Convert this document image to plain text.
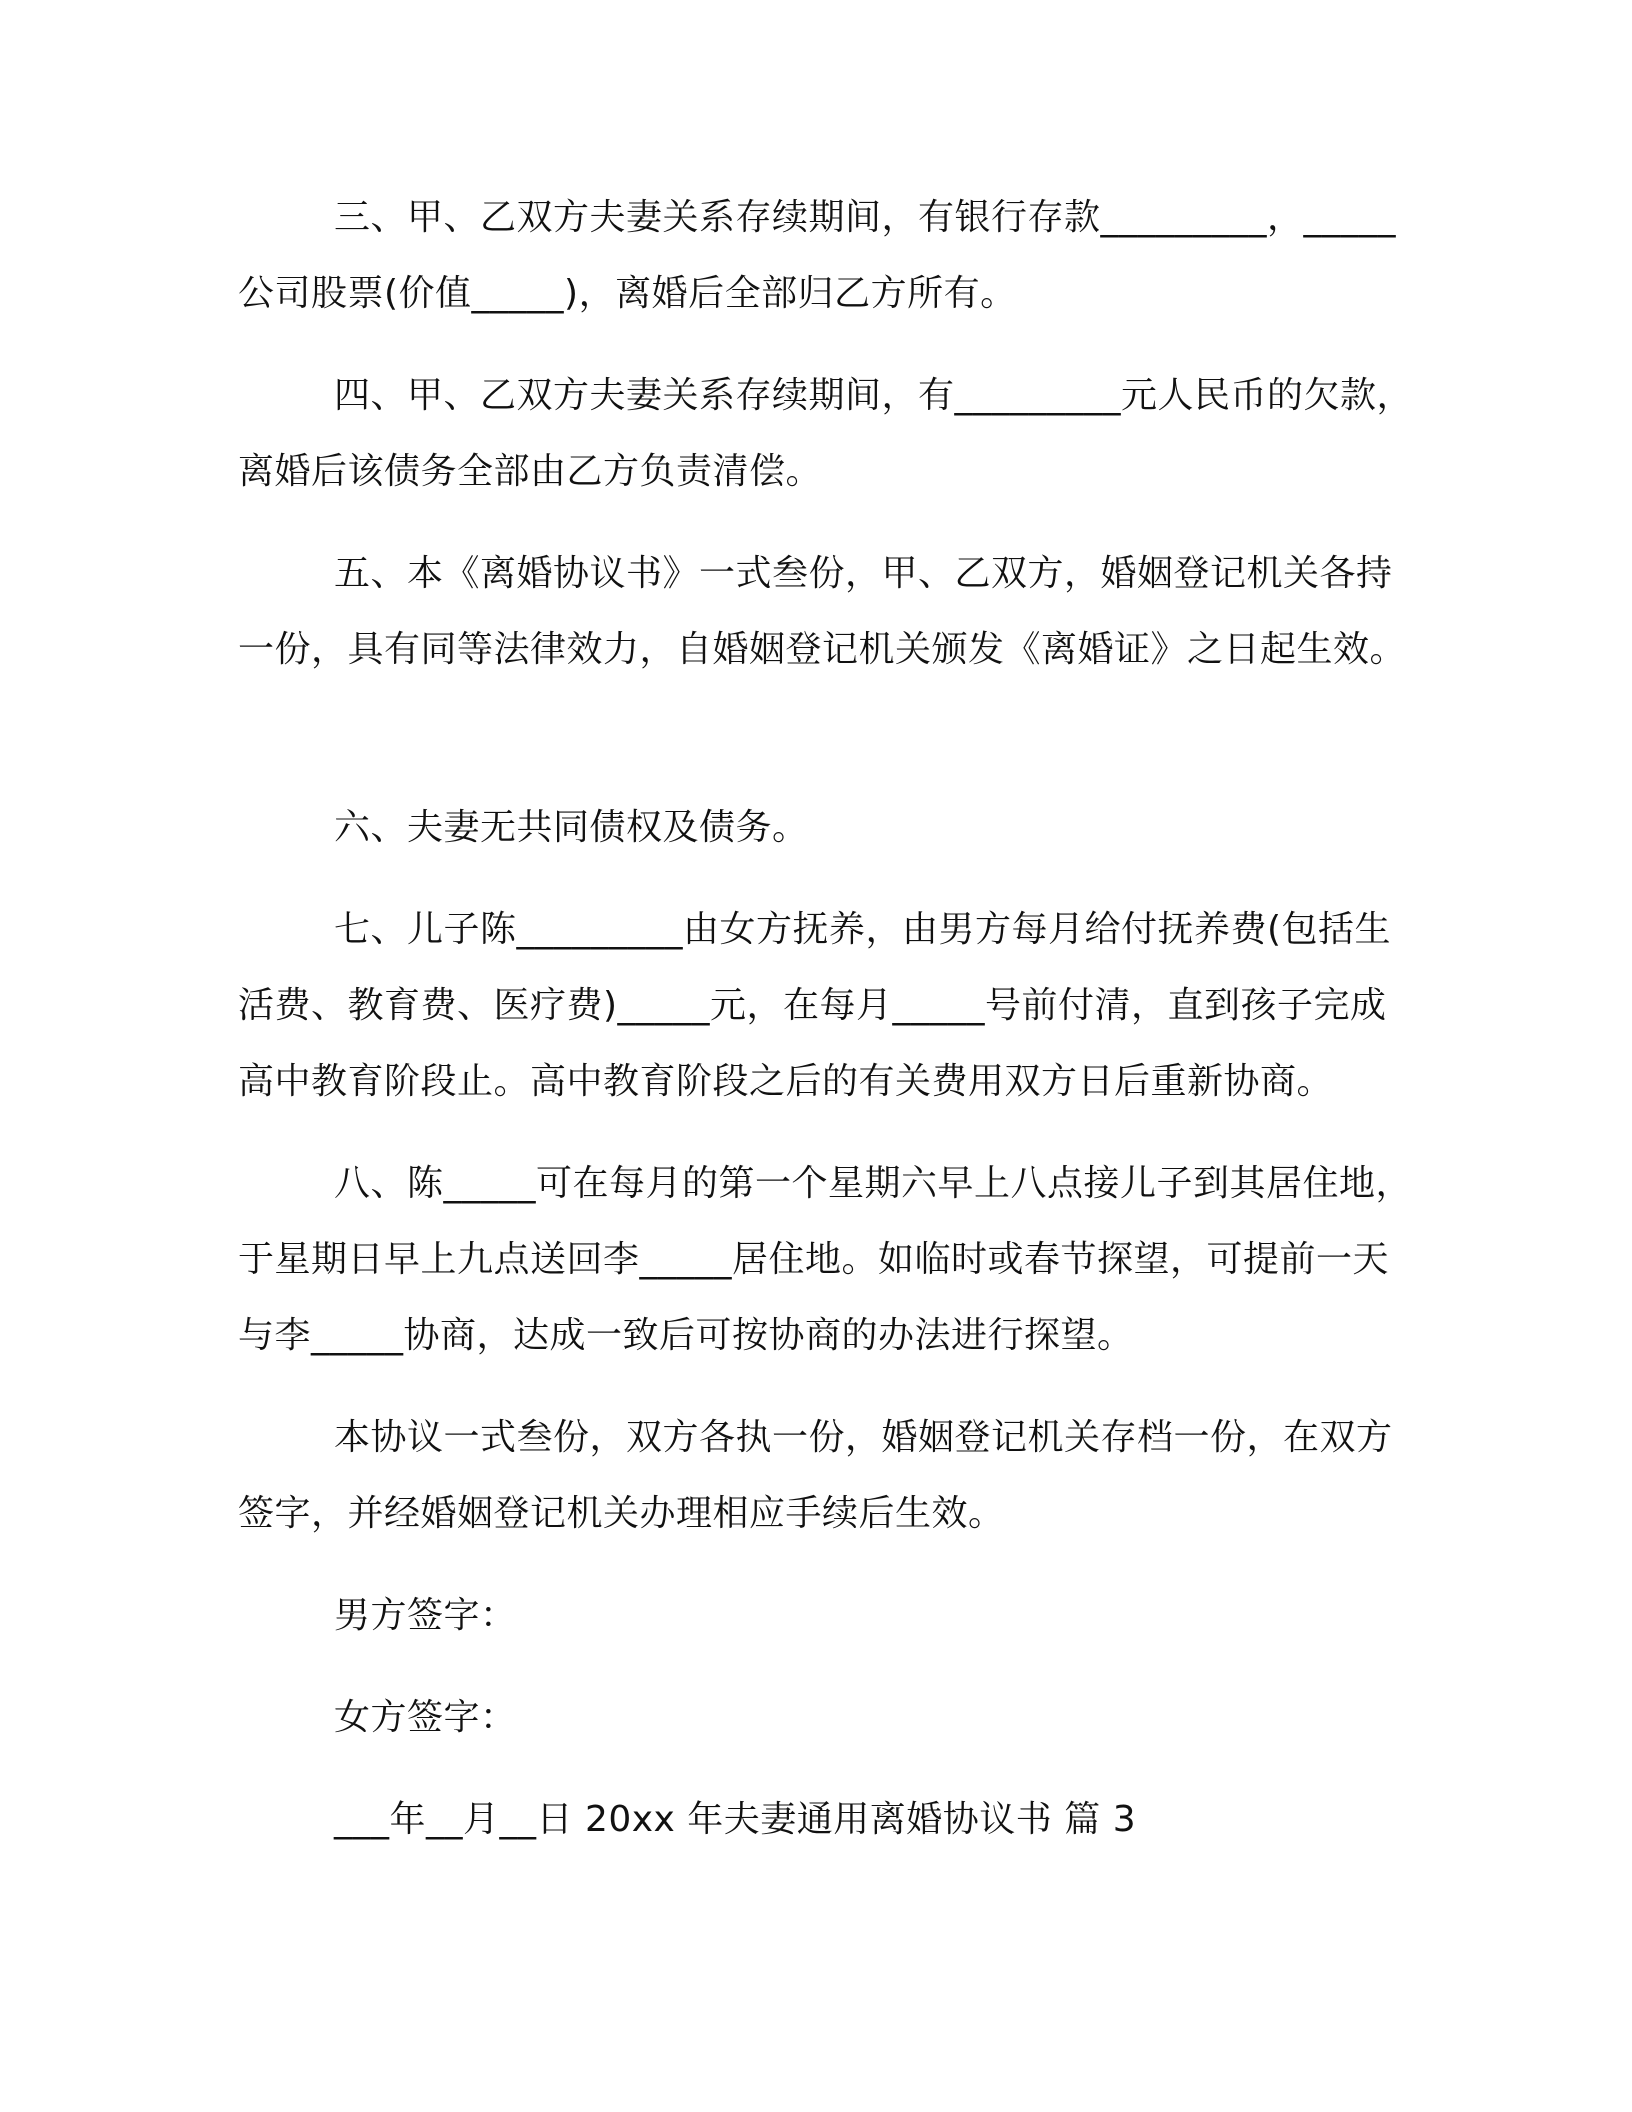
三、甲、乙双方夫妻关系存续期间，有银行存款_________，_____公司股票(价值_____)，离婚后全部归乙方所有。

四、甲、乙双方夫妻关系存续期间，有_________元人民币的欠款，离婚后该债务全部由乙方负责清偿。

五、本《离婚协议书》一式叁份，甲、乙双方，婚姻登记机关各持一份，具有同等法律效力，自婚姻登记机关颁发《离婚证》之日起生效。

六、夫妻无共同债权及债务。

七、儿子陈_________由女方抚养，由男方每月给付抚养费(包括生活费、教育费、医疗费)_____元，在每月_____号前付清，直到孩子完成高中教育阶段止。高中教育阶段之后的有关费用双方日后重新协商。

八、陈_____可在每月的第一个星期六早上八点接儿子到其居住地，于星期日早上九点送回李_____居住地。如临时或春节探望，可提前一天与李_____协商，达成一致后可按协商的办法进行探望。

本协议一式叁份，双方各执一份，婚姻登记机关存档一份，在双方签字，并经婚姻登记机关办理相应手续后生效。

男方签字：

女方签字：

___年__月__日 20xx 年夫妻通用离婚协议书 篇 3
